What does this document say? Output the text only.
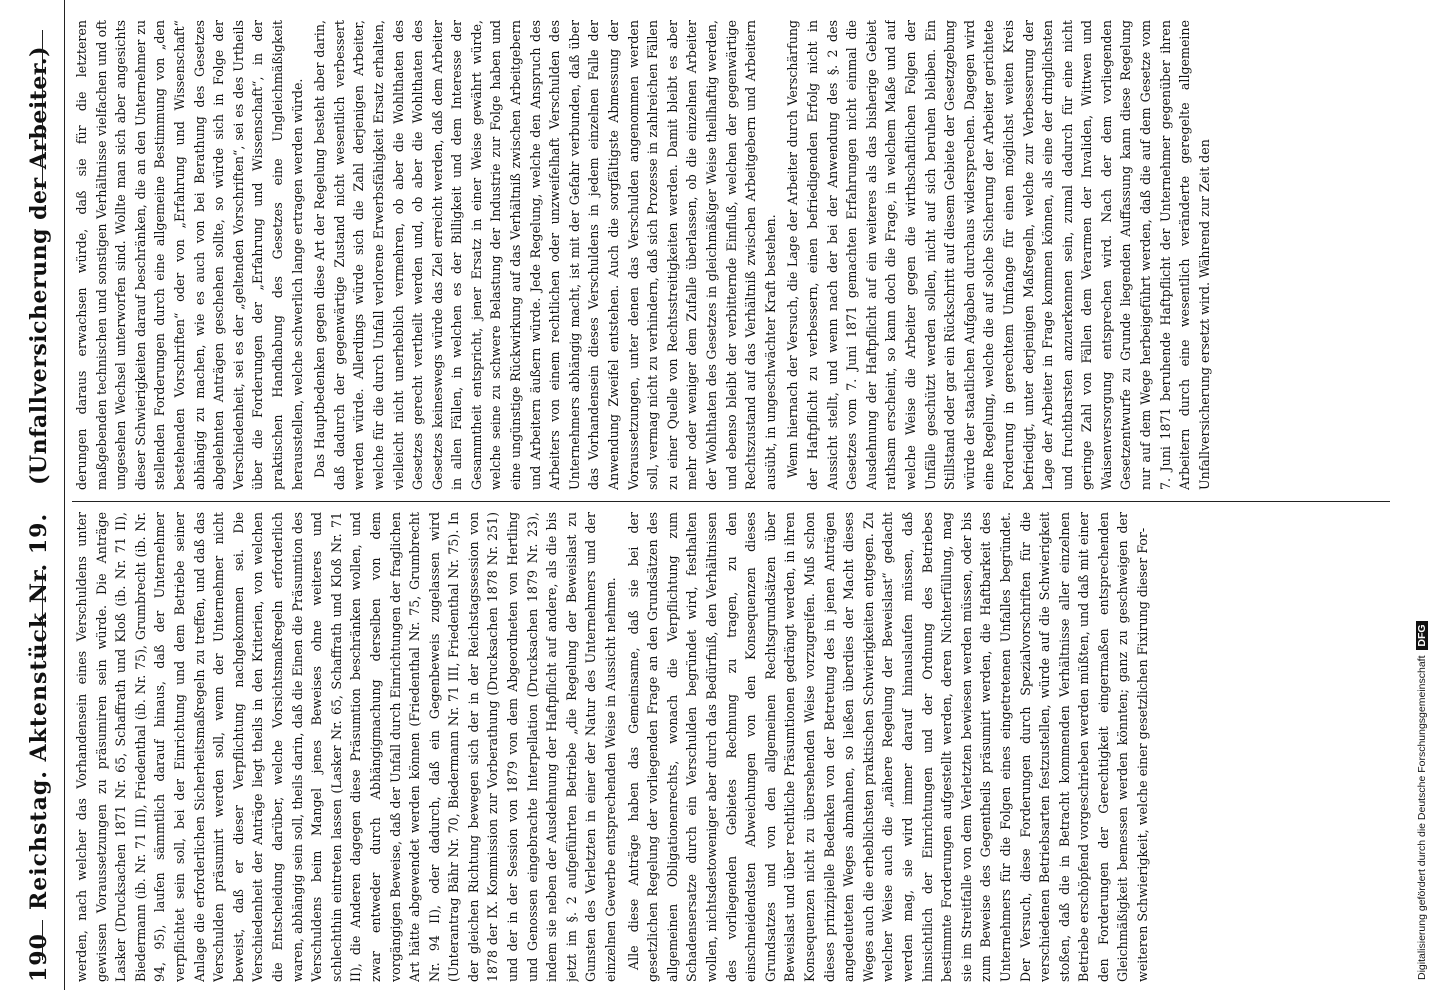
190
Reichstag. Aktenstück Nr. 19.
(Unfallversicherung der Arbeiter.)

werden, nach welcher das Vorhandensein eines Verschuldens unter gewissen Voraussetzungen zu präsumiren sein würde. Die Anträge Lasker (Drucksachen 1871 Nr. 65, Schaffrath und Kloß (ib. Nr. 71 II), Biedermann (ib. Nr. 71 III), Friedenthal (ib. Nr. 75), Grumbrecht (ib. Nr. 94, 95), laufen sämmtlich darauf hinaus, daß der Unternehmer verpflichtet sein soll, bei der Einrichtung und dem Betriebe seiner Anlage die erforderlichen Sicherheitsmaßregeln zu treffen, und daß das Verschulden präsumirt werden soll, wenn der Unternehmer nicht beweist, daß er dieser Verpflichtung nachgekommen sei. Die Verschiedenheit der Anträge liegt theils in den Kriterien, von welchen die Entscheidung darüber, welche Vorsichtsmaßregeln erforderlich waren, abhängig sein soll, theils darin, daß die Einen die Präsumtion des Verschuldens beim Mangel jenes Beweises ohne weiteres und schlechthin eintreten lassen (Lasker Nr. 65, Schaffrath und Kloß Nr. 71 II), die Anderen dagegen diese Präsumtion beschränken wollen, und zwar entweder durch Abhängigmachung derselben von dem vorgängigen Beweise, daß der Unfall durch Einrichtungen der fraglichen Art hätte abgewendet werden können (Friedenthal Nr. 75, Grumbrecht Nr. 94 II), oder dadurch, daß ein Gegenbeweis zugelassen wird (Unterantrag Bähr Nr. 70, Biedermann Nr. 71 III, Friedenthal Nr. 75). In der gleichen Richtung bewegen sich der in der Reichstagssession von 1878 der IX. Kommission zur Vorberathung (Drucksachen 1878 Nr. 251) und der in der Session von 1879 von dem Abgeordneten von Hertling und Genossen eingebrachte Interpellation (Drucksachen 1879 Nr. 23), indem sie neben der Ausdehnung der Haftpflicht auf andere, als die bis jetzt im §. 2 aufgeführten Betriebe „die Regelung der Beweislast zu Gunsten des Verletzten in einer der Natur des Unternehmers und der einzelnen Gewerbe entsprechenden Weise in Aussicht nehmen. Alle diese Anträge haben das Gemeinsame, daß sie bei der gesetzlichen Regelung der vorliegenden Frage an den Grundsätzen des allgemeinen Obligationenrechts, wonach die Verpflichtung zum Schadensersatze durch ein Verschulden begründet wird, festhalten wollen, nichtsdestoweniger aber durch das Bedürfniß, den Verhältnissen des vorliegenden Gebietes Rechnung zu tragen, zu den einschneidendsten Abweichungen von den Konsequenzen dieses Grundsatzes und von den allgemeinen Rechtsgrundsätzen über Beweislast und über rechtliche Präsumtionen gedrängt werden, in ihren Konsequenzen nicht zu übersehenden Weise vorzugreifen. Muß schon dieses prinzipielle Bedenken von der Betretung des in jenen Anträgen angedeuteten Weges abmahnen, so ließen überdies der Macht dieses Weges auch die erheblichsten praktischen Schwierigkeiten entgegen. Zu welcher Weise auch die „nähere Regelung der Beweislast“ gedacht werden mag, sie wird immer darauf hinauslaufen müssen, daß hinsichtlich der Einrichtungen und der Ordnung des Betriebes bestimmte Forderungen aufgestellt werden, deren Nichterfüllung, mag sie im Streitfalle von dem Verletzten bewiesen werden müssen, oder bis zum Beweise des Gegentheils präsumirt werden, die Haftbarkeit des Unternehmers für die Folgen eines eingetretenen Unfalles begründet. Der Versuch, diese Forderungen durch Spezialvorschriften für die verschiedenen Betriebsarten festzustellen, würde auf die Schwierigkeit stoßen, daß die in Betracht kommenden Verhältnisse aller einzelnen Betriebe erschöpfend vorgeschrieben werden müßten, und daß mit einer den Forderungen der Gerechtigkeit eingermaßen entsprechenden Gleichmäßigkeit bemessen werden könnten; ganz zu geschweigen der weiteren Schwierigkeit, welche einer gesetzlichen Fixirung dieser For-

derungen daraus erwachsen würde, daß sie für die letzteren maßgebenden technischen und sonstigen Verhältnisse vielfachen und oft ungesehen Wechsel unterworfen sind. Wollte man sich aber angesichts dieser Schwierigkeiten darauf beschränken, die an den Unternehmer zu stellenden Forderungen durch eine allgemeine Bestimmung von „den bestehenden Vorschriften“ oder von „Erfahrung und Wissenschaft“ abhängig zu machen, wie es auch von bei Berathung des Gesetzes abgelehnten Anträgen geschehen sollte, so würde sich in Folge der Verschiedenheit, sei es der „geltenden Vorschriften“, sei es des Urtheils über die Forderungen der „Erfahrung und Wissenschaft“, in der praktischen Handhabung des Gesetzes eine Ungleichmäßigkeit herausstellen, welche schwerlich lange ertragen werden würde. Das Hauptbedenken gegen diese Art der Regelung besteht aber darin, daß dadurch der gegenwärtige Zustand nicht wesentlich verbessert werden würde. Allerdings würde sich die Zahl derjenigen Arbeiter, welche für die durch Unfall verlorene Erwerbsfähigkeit Ersatz erhalten, vielleicht nicht unerheblich vermehren, ob aber die Wohlthaten des Gesetzes gerecht vertheilt werden und, ob aber die Wohlthaten des Gesetzes keineswegs würde das Ziel erreicht werden, daß dem Arbeiter in allen Fällen, in welchen es der Billigkeit und dem Interesse der Gesammtheit entspricht, jener Ersatz in einer Weise gewährt würde, welche seine zu schwere Belastung der Industrie zur Folge haben und eine ungünstige Rückwirkung auf das Verhältniß zwischen Arbeitgebern und Arbeitern äußern würde. Jede Regelung, welche den Anspruch des Arbeiters von einem rechtlichen oder unzweifelhaft Verschulden des Unternehmers abhängig macht, ist mit der Gefahr verbunden, daß über das Vorhandensein dieses Verschuldens in jedem einzelnen Falle der Anwendung Zweifel entstehen. Auch die sorgfältigste Abmessung der Voraussetzungen, unter denen das Verschulden angenommen werden soll, vermag nicht zu verhindern, daß sich Prozesse in zahlreichen Fällen zu einer Quelle von Rechtsstreitigkeiten werden. Damit bleibt es aber mehr oder weniger dem Zufalle überlassen, ob die einzelnen Arbeiter der Wohlthaten des Gesetzes in gleichmäßiger Weise theilhaftig werden, und ebenso bleibt der verbitternde Einfluß, welchen der gegenwärtige Rechtszustand auf das Verhältniß zwischen Arbeitgebern und Arbeitern ausübt, in ungeschwächter Kraft bestehen. Wenn hiernach der Versuch, die Lage der Arbeiter durch Verschärfung der Haftpflicht zu verbessern, einen befriedigenden Erfolg nicht in Aussicht stellt, und wenn nach der bei der Anwendung des §. 2 des Gesetzes vom 7. Juni 1871 gemachten Erfahrungen nicht einmal die Ausdehnung der Haftpflicht auf ein weiteres als das bisherige Gebiet rathsam erscheint, so kann doch die Frage, in welchem Maße und auf welche Weise die Arbeiter gegen die wirthschaftlichen Folgen der Unfälle geschützt werden sollen, nicht auf sich beruhen bleiben. Ein Stillstand oder gar ein Rückschritt auf diesem Gebiete der Gesetzgebung würde der staatlichen Aufgaben durchaus widersprechen. Dagegen wird eine Regelung, welche die auf solche Sicherung der Arbeiter gerichtete Forderung in gerechtem Umfange für einen möglichst weiten Kreis befriedigt, unter derjenigen Maßregeln, welche zur Verbesserung der Lage der Arbeiter in Frage kommen können, als eine der dringlichsten und fruchtbarsten anzuerkennen sein, zumal dadurch für eine nicht geringe Zahl von Fällen dem Verarmen der Invaliden, Wittwen und Waisenversorgung entsprechen wird. Nach der dem vorliegenden Gesetzentwurfe zu Grunde liegenden Auffassung kann diese Regelung nur auf dem Wege herbeigeführt werden, daß die auf dem Gesetze vom 7. Juni 1871 beruhende Haftpflicht der Unternehmer gegenüber ihren Arbeitern durch eine wesentlich veränderte geregelte allgemeine Unfallversicherung ersetzt wird. Während zur Zeit den

Digitalisierung gefördert durch die Deutsche Forschungsgemeinschaft  DFG
